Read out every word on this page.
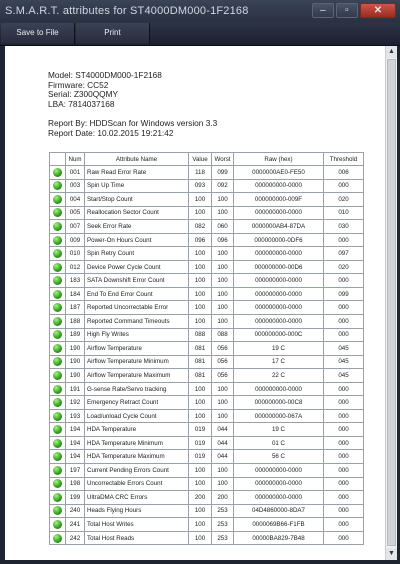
S.M.A.R.T. attributes for ST4000DM000-1F2168	–	▫	✕
Save to File	Print
Model: ST4000DM000-1F2168
Firmware: CC52
Serial: Z300QQMY
LBA: 7814037168
Report By: HDDScan for Windows version 3.3
Report Date: 10.02.2015 19:21:42
	Num	Attribute Name	Value	Worst	Raw (hex)	Threshold
	001	Raw Read Error Rate	118	099	0000000AE0-FE50	006
	003	Spin Up Time	093	092	000000000-0000	000
	004	Start/Stop Count	100	100	000000000-009F	020
	005	Reallocation Sector Count	100	100	000000000-0000	010
	007	Seek Error Rate	082	060	0000000AB4-87DA	030
	009	Power-On Hours Count	096	096	000000000-0DF6	000
	010	Spin Retry Count	100	100	000000000-0000	097
	012	Device Power Cycle Count	100	100	000000000-00D6	020
	183	SATA Downshift Error Count	100	100	000000000-0000	000
	184	End To End Error Count	100	100	000000000-0000	099
	187	Reported Uncorrectable Error	100	100	000000000-0000	000
	188	Reported Command Timeouts	100	100	000000000-0000	000
	189	High Fly Writes	088	088	000000000-000C	000
	190	Airflow Temperature	081	056	19 C	045
	190	Airflow Temperature Minimum	081	056	17 C	045
	190	Airflow Temperature Maximum	081	056	22 C	045
	191	G-sense Rate/Servo tracking	100	100	000000000-0000	000
	192	Emergency Retract Count	100	100	000000000-00C8	000
	193	Load/unload Cycle Count	100	100	000000000-067A	000
	194	HDA Temperature	019	044	19 C	000
	194	HDA Temperature Minimum	019	044	01 C	000
	194	HDA Temperature Maximum	019	044	56 C	000
	197	Current Pending Errors Count	100	100	000000000-0000	000
	198	Uncorrectable Errors Count	100	100	000000000-0000	000
	199	UltraDMA CRC Errors	200	200	000000000-0000	000
	240	Heads Flying Hours	100	253	04D4860000-8DA7	000
	241	Total Host Writes	100	253	0000069B66-F1FB	000
	242	Total Host Reads	100	253	00000BA829-7B48	000
▲
▼
